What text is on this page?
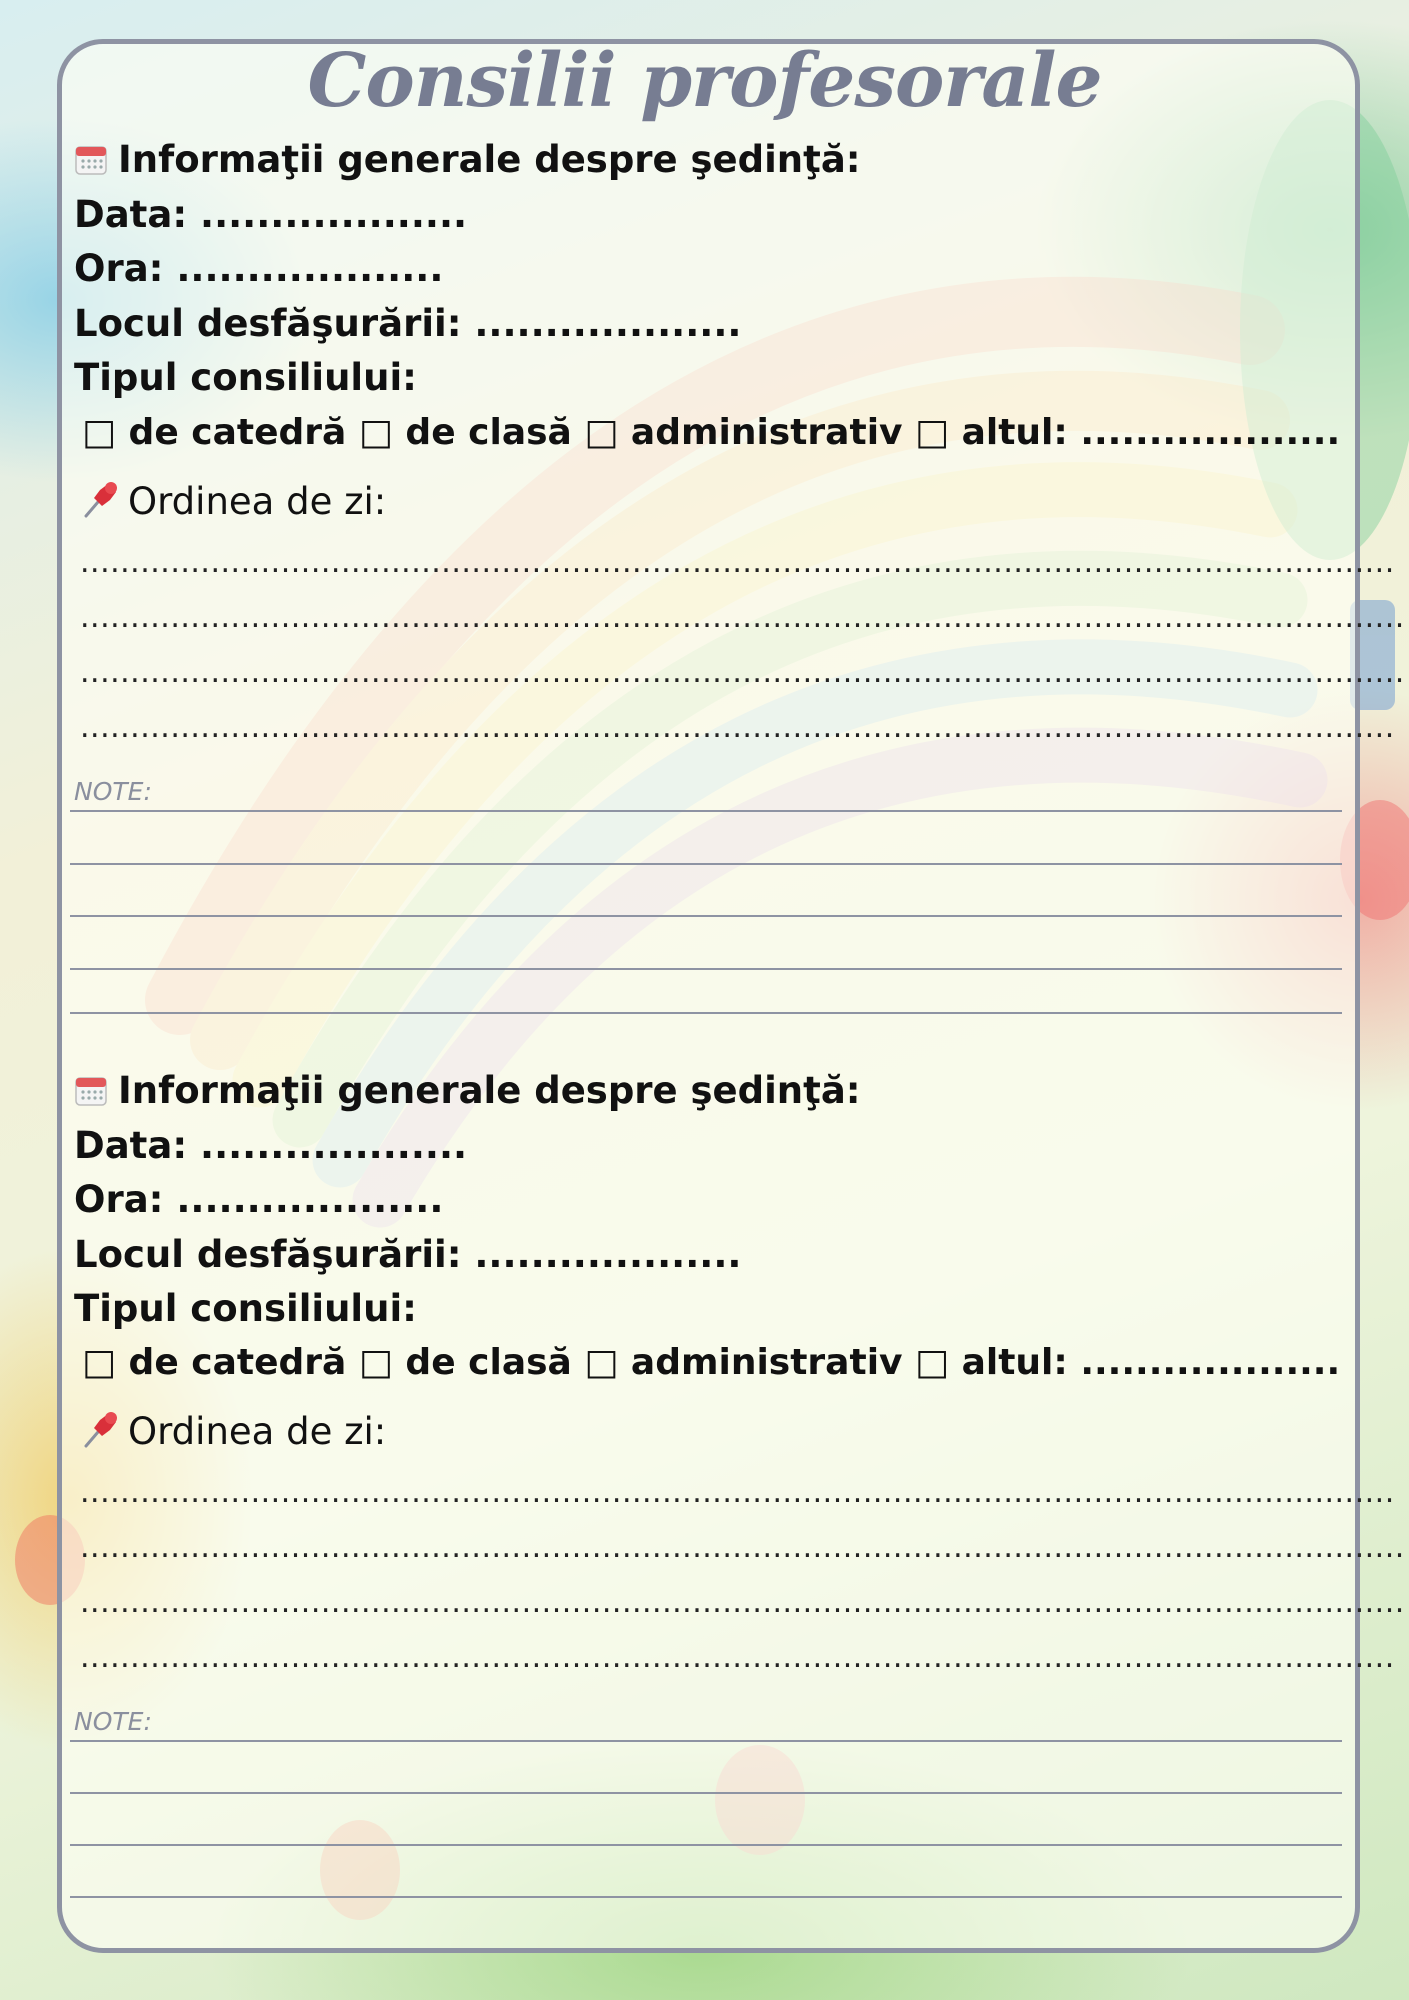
Consilii profesorale
Informaţii generale despre şedinţă:
Data: ...................
Ora: ...................
Locul desfăşurării: ...................
Tipul consiliului:
□ de catedră □ de clasă □ administrativ □ altul: ...................
Ordinea de zi:
...................................................................................................................................
....................................................................................................................................
....................................................................................................................................
...................................................................................................................................
NOTE:
Informaţii generale despre şedinţă:
Data: ...................
Ora: ...................
Locul desfăşurării: ...................
Tipul consiliului:
□ de catedră □ de clasă □ administrativ □ altul: ...................
Ordinea de zi:
...................................................................................................................................
....................................................................................................................................
....................................................................................................................................
...................................................................................................................................
NOTE:
